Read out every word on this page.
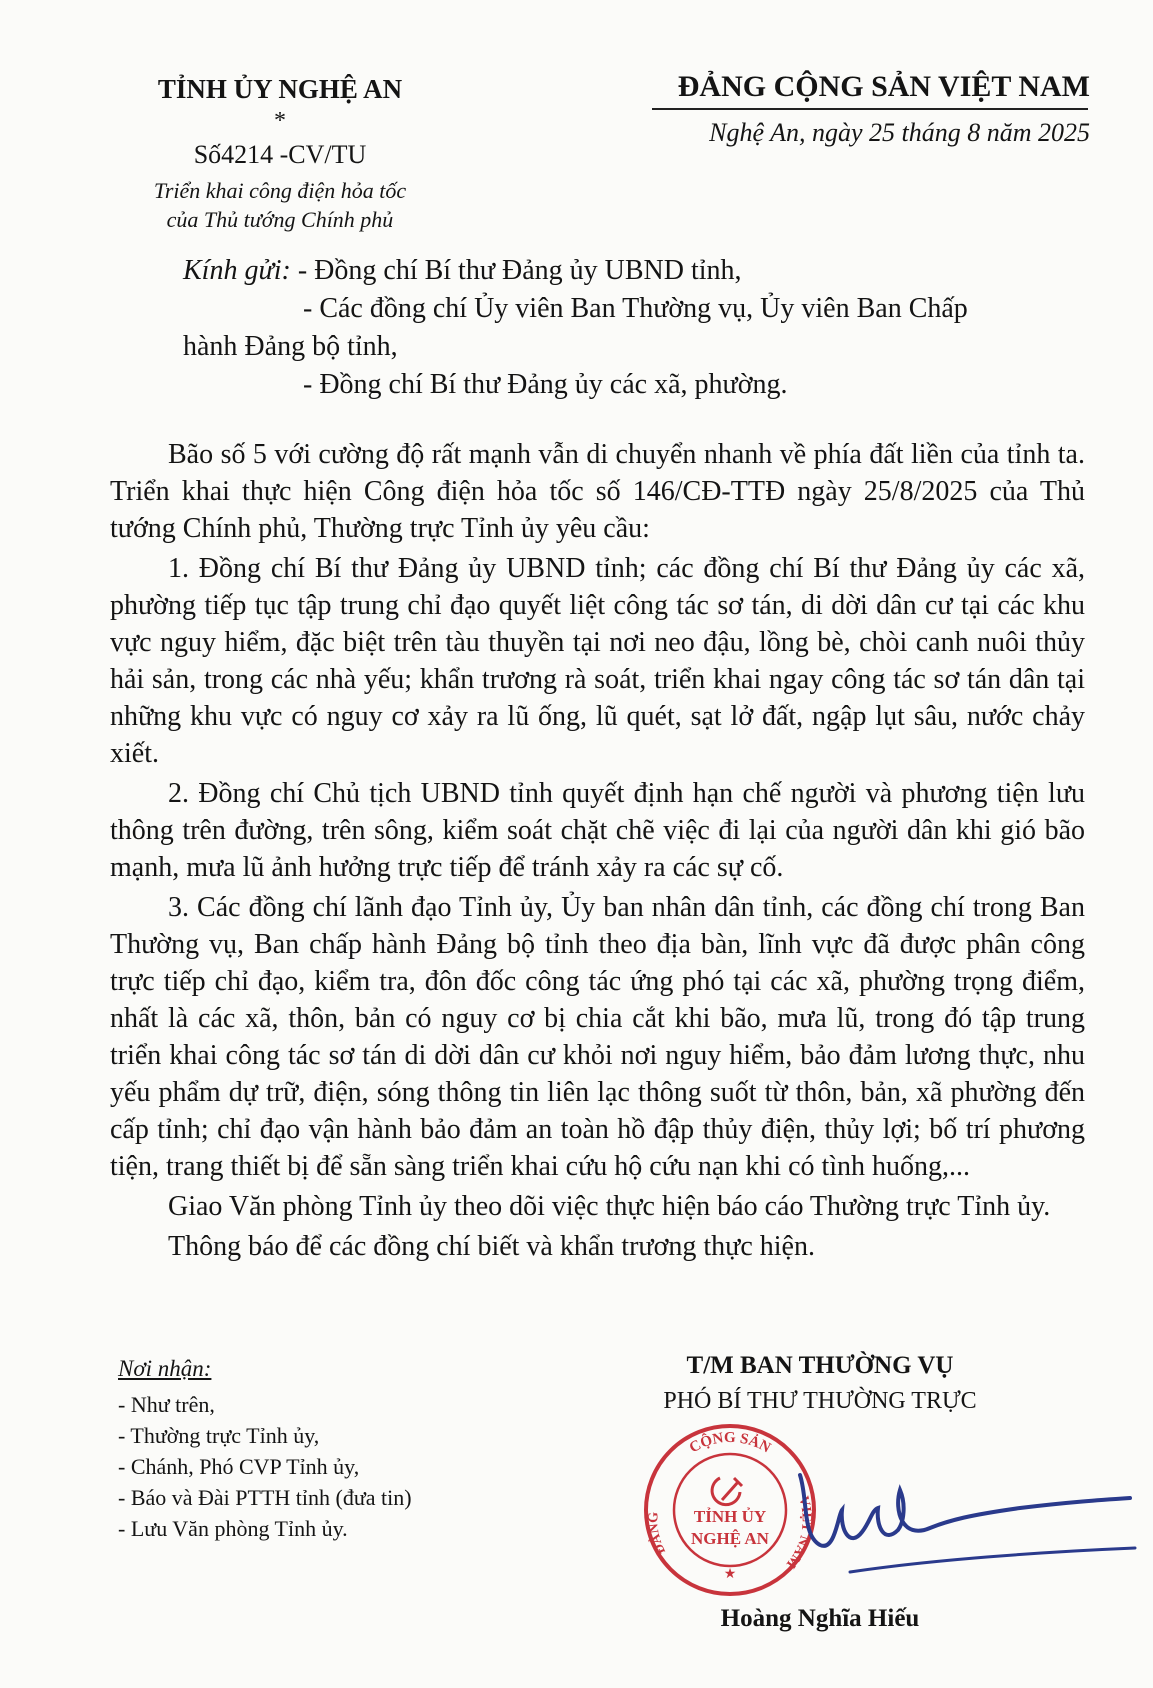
TỈNH ỦY NGHỆ AN
*
Số4214 -CV/TU
Triển khai công điện hỏa tốc
của Thủ tướng Chính phủ
ĐẢNG CỘNG SẢN VIỆT NAM
Nghệ An, ngày 25 tháng 8 năm 2025
Kính gửi: - Đồng chí Bí thư Đảng ủy UBND tỉnh,
- Các đồng chí Ủy viên Ban Thường vụ, Ủy viên Ban Chấp
hành Đảng bộ tỉnh,
- Đồng chí Bí thư Đảng ủy các xã, phường.

Bão số 5 với cường độ rất mạnh vẫn di chuyển nhanh về phía đất liền của tỉnh ta. Triển khai thực hiện Công điện hỏa tốc số 146/CĐ-TTĐ ngày 25/8/2025 của Thủ tướng Chính phủ, Thường trực Tỉnh ủy yêu cầu:

1. Đồng chí Bí thư Đảng ủy UBND tỉnh; các đồng chí Bí thư Đảng ủy các xã, phường tiếp tục tập trung chỉ đạo quyết liệt công tác sơ tán, di dời dân cư tại các khu vực nguy hiểm, đặc biệt trên tàu thuyền tại nơi neo đậu, lồng bè, chòi canh nuôi thủy hải sản, trong các nhà yếu; khẩn trương rà soát, triển khai ngay công tác sơ tán dân tại những khu vực có nguy cơ xảy ra lũ ống, lũ quét, sạt lở đất, ngập lụt sâu, nước chảy xiết.

2. Đồng chí Chủ tịch UBND tỉnh quyết định hạn chế người và phương tiện lưu thông trên đường, trên sông, kiểm soát chặt chẽ việc đi lại của người dân khi gió bão mạnh, mưa lũ ảnh hưởng trực tiếp để tránh xảy ra các sự cố.

3. Các đồng chí lãnh đạo Tỉnh ủy, Ủy ban nhân dân tỉnh, các đồng chí trong Ban Thường vụ, Ban chấp hành Đảng bộ tỉnh theo địa bàn, lĩnh vực đã được phân công trực tiếp chỉ đạo, kiểm tra, đôn đốc công tác ứng phó tại các xã, phường trọng điểm, nhất là các xã, thôn, bản có nguy cơ bị chia cắt khi bão, mưa lũ, trong đó tập trung triển khai công tác sơ tán di dời dân cư khỏi nơi nguy hiểm, bảo đảm lương thực, nhu yếu phẩm dự trữ, điện, sóng thông tin liên lạc thông suốt từ thôn, bản, xã phường đến cấp tỉnh; chỉ đạo vận hành bảo đảm an toàn hồ đập thủy điện, thủy lợi; bố trí phương tiện, trang thiết bị để sẵn sàng triển khai cứu hộ cứu nạn khi có tình huống,...

Giao Văn phòng Tỉnh ủy theo dõi việc thực hiện báo cáo Thường trực Tỉnh ủy.

Thông báo để các đồng chí biết và khẩn trương thực hiện.

Nơi nhận:
- Như trên,
- Thường trực Tỉnh ủy,
- Chánh, Phó CVP Tỉnh ủy,
- Báo và Đài PTTH tỉnh (đưa tin)
- Lưu Văn phòng Tỉnh ủy.
T/M BAN THƯỜNG VỤ
PHÓ BÍ THƯ THƯỜNG TRỰC
CỘNG SẢN
ĐẢNG
VIỆT NAM
TỈNH ỦY
NGHỆ AN
★
Hoàng Nghĩa Hiếu
